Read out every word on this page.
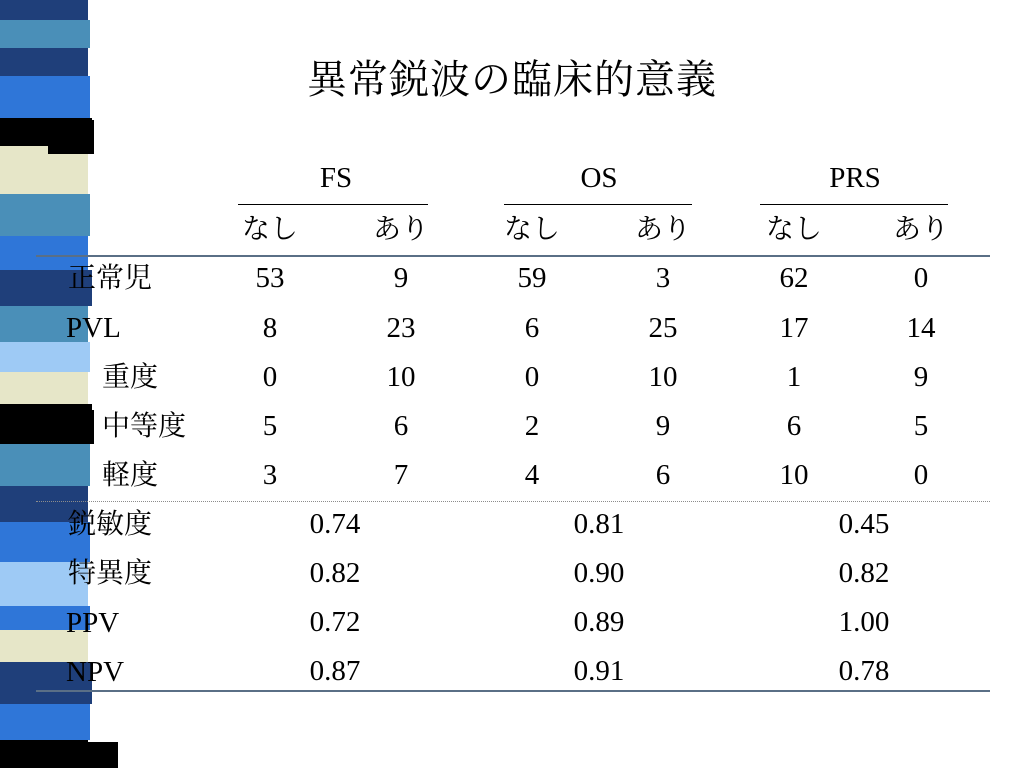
異常鋭波の臨床的意義
FS	OS	PRS
なし	あり	なし	あり	なし	あり
正常児	53	9	59	3	62	0
PVL	8	23	6	25	17	14
重度	0	10	0	10	1	9
中等度	5	6	2	9	6	5
軽度	3	7	4	6	10	0
鋭敏度	0.74	0.81	0.45
特異度	0.82	0.90	0.82
PPV	0.72	0.89	1.00
NPV	0.87	0.91	0.78
